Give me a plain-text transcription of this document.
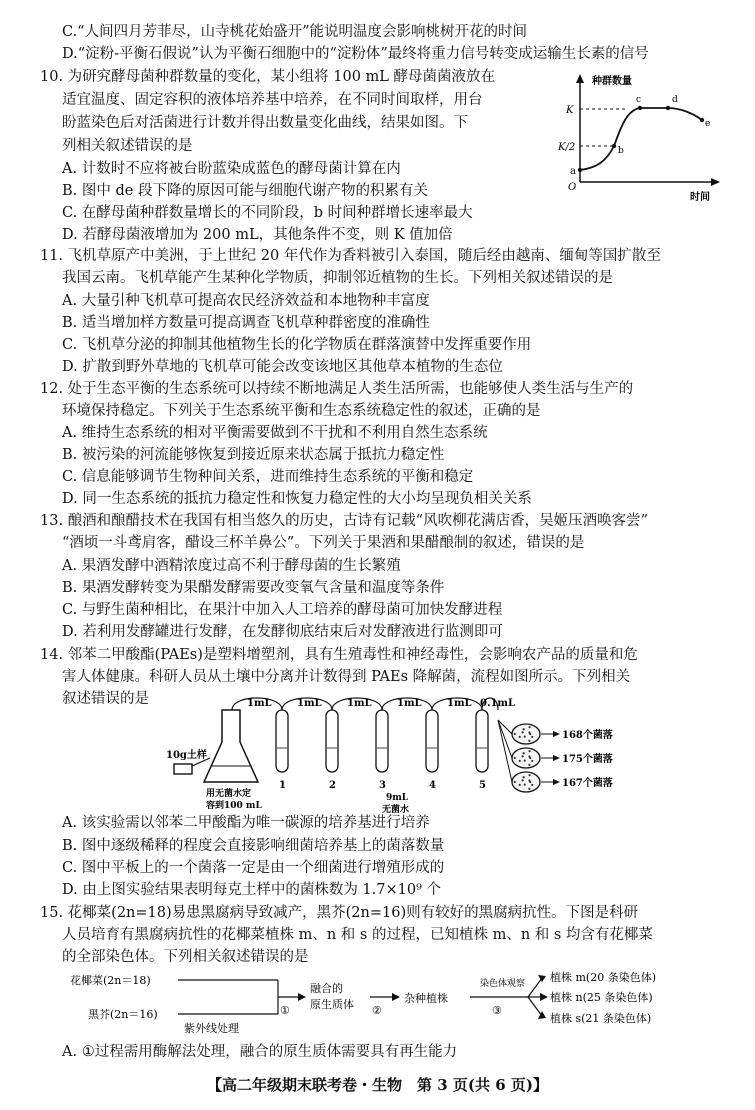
C.“人间四月芳菲尽，山寺桃花始盛开”能说明温度会影响桃树开花的时间
D.“淀粉-平衡石假说”认为平衡石细胞中的“淀粉体”最终将重力信号转变成运输生长素的信号
10. 为研究酵母菌种群数量的变化，某小组将 100 mL 酵母菌菌液放在
适宜温度、固定容积的液体培养基中培养，在不同时间取样，用台
盼蓝染色后对活菌进行计数并得出数量变化曲线，结果如图。下
列相关叙述错误的是
A. 计数时不应将被台盼蓝染成蓝色的酵母菌计算在内
B. 图中 de 段下降的原因可能与细胞代谢产物的积累有关
C. 在酵母菌种群数量增长的不同阶段，b 时间种群增长速率最大
D. 若酵母菌液增加为 200 mL，其他条件不变，则 K 值加倍
种群数量
时间
O
K
K/2
a
b
c	d
e
11. 飞机草原产中美洲，于上世纪 20 年代作为香料被引入泰国，随后经由越南、缅甸等国扩散至
我国云南。飞机草能产生某种化学物质，抑制邻近植物的生长。下列相关叙述错误的是
A. 大量引种飞机草可提高农民经济效益和本地物种丰富度
B. 适当增加样方数量可提高调查飞机草种群密度的准确性
C. 飞机草分泌的抑制其他植物生长的化学物质在群落演替中发挥重要作用
D. 扩散到野外草地的飞机草可能会改变该地区其他草本植物的生态位
12. 处于生态平衡的生态系统可以持续不断地满足人类生活所需，也能够使人类生活与生产的
环境保持稳定。下列关于生态系统平衡和生态系统稳定性的叙述，正确的是
A. 维持生态系统的相对平衡需要做到不干扰和不利用自然生态系统
B. 被污染的河流能够恢复到接近原来状态属于抵抗力稳定性
C. 信息能够调节生物种间关系，进而维持生态系统的平衡和稳定
D. 同一生态系统的抵抗力稳定性和恢复力稳定性的大小均呈现负相关关系
13. 酿酒和酿醋技术在我国有相当悠久的历史，古诗有记载“风吹柳花满店香，吴姬压酒唤客尝”
“酒顷一斗鸢肩客，醋设三杯羊鼻公”。下列关于果酒和果醋酿制的叙述，错误的是
A. 果酒发酵中酒精浓度过高不利于酵母菌的生长繁殖
B. 果酒发酵转变为果醋发酵需要改变氧气含量和温度等条件
C. 与野生菌种相比，在果汁中加入人工培养的酵母菌可加快发酵进程
D. 若利用发酵罐进行发酵，在发酵彻底结束后对发酵液进行监测即可
14. 邻苯二甲酸酯(PAEs)是塑料增塑剂，具有生殖毒性和神经毒性，会影响农产品的质量和危
害人体健康。科研人员从土壤中分离并计数得到 PAEs 降解菌，流程如图所示。下列相关
叙述错误的是
10g土样
用无菌水定
容到100 mL
1mL	1mL	1mL	1mL	1mL 0.1mL
1	2	3	4	5
9mL
无菌水
168个菌落
175个菌落
167个菌落
A. 该实验需以邻苯二甲酸酯为唯一碳源的培养基进行培养
B. 图中逐级稀释的程度会直接影响细菌培养基上的菌落数量
C. 图中平板上的一个菌落一定是由一个细菌进行增殖形成的
D. 由上图实验结果表明每克土样中的菌株数为 1.7×10⁹ 个
15. 花椰菜(2n=18)易患黑腐病导致减产，黑芥(2n=16)则有较好的黑腐病抗性。下图是科研
人员培育有黑腐病抗性的花椰菜植株 m、n 和 s 的过程，已知植株 m、n 和 s 均含有花椰菜
的全部染色体。下列相关叙述错误的是
花椰菜(2n＝18)
黑芥(2n＝16)	①
紫外线处理
融合的
原生质体 ②
杂种植株
染色体观察
③
植株 m(20 条染色体)
植株 n(25 条染色体)
植株 s(21 条染色体)
A. ①过程需用酶解法处理，融合的原生质体需要具有再生能力
【高二年级期末联考卷・生物　第 3 页(共 6 页)】
